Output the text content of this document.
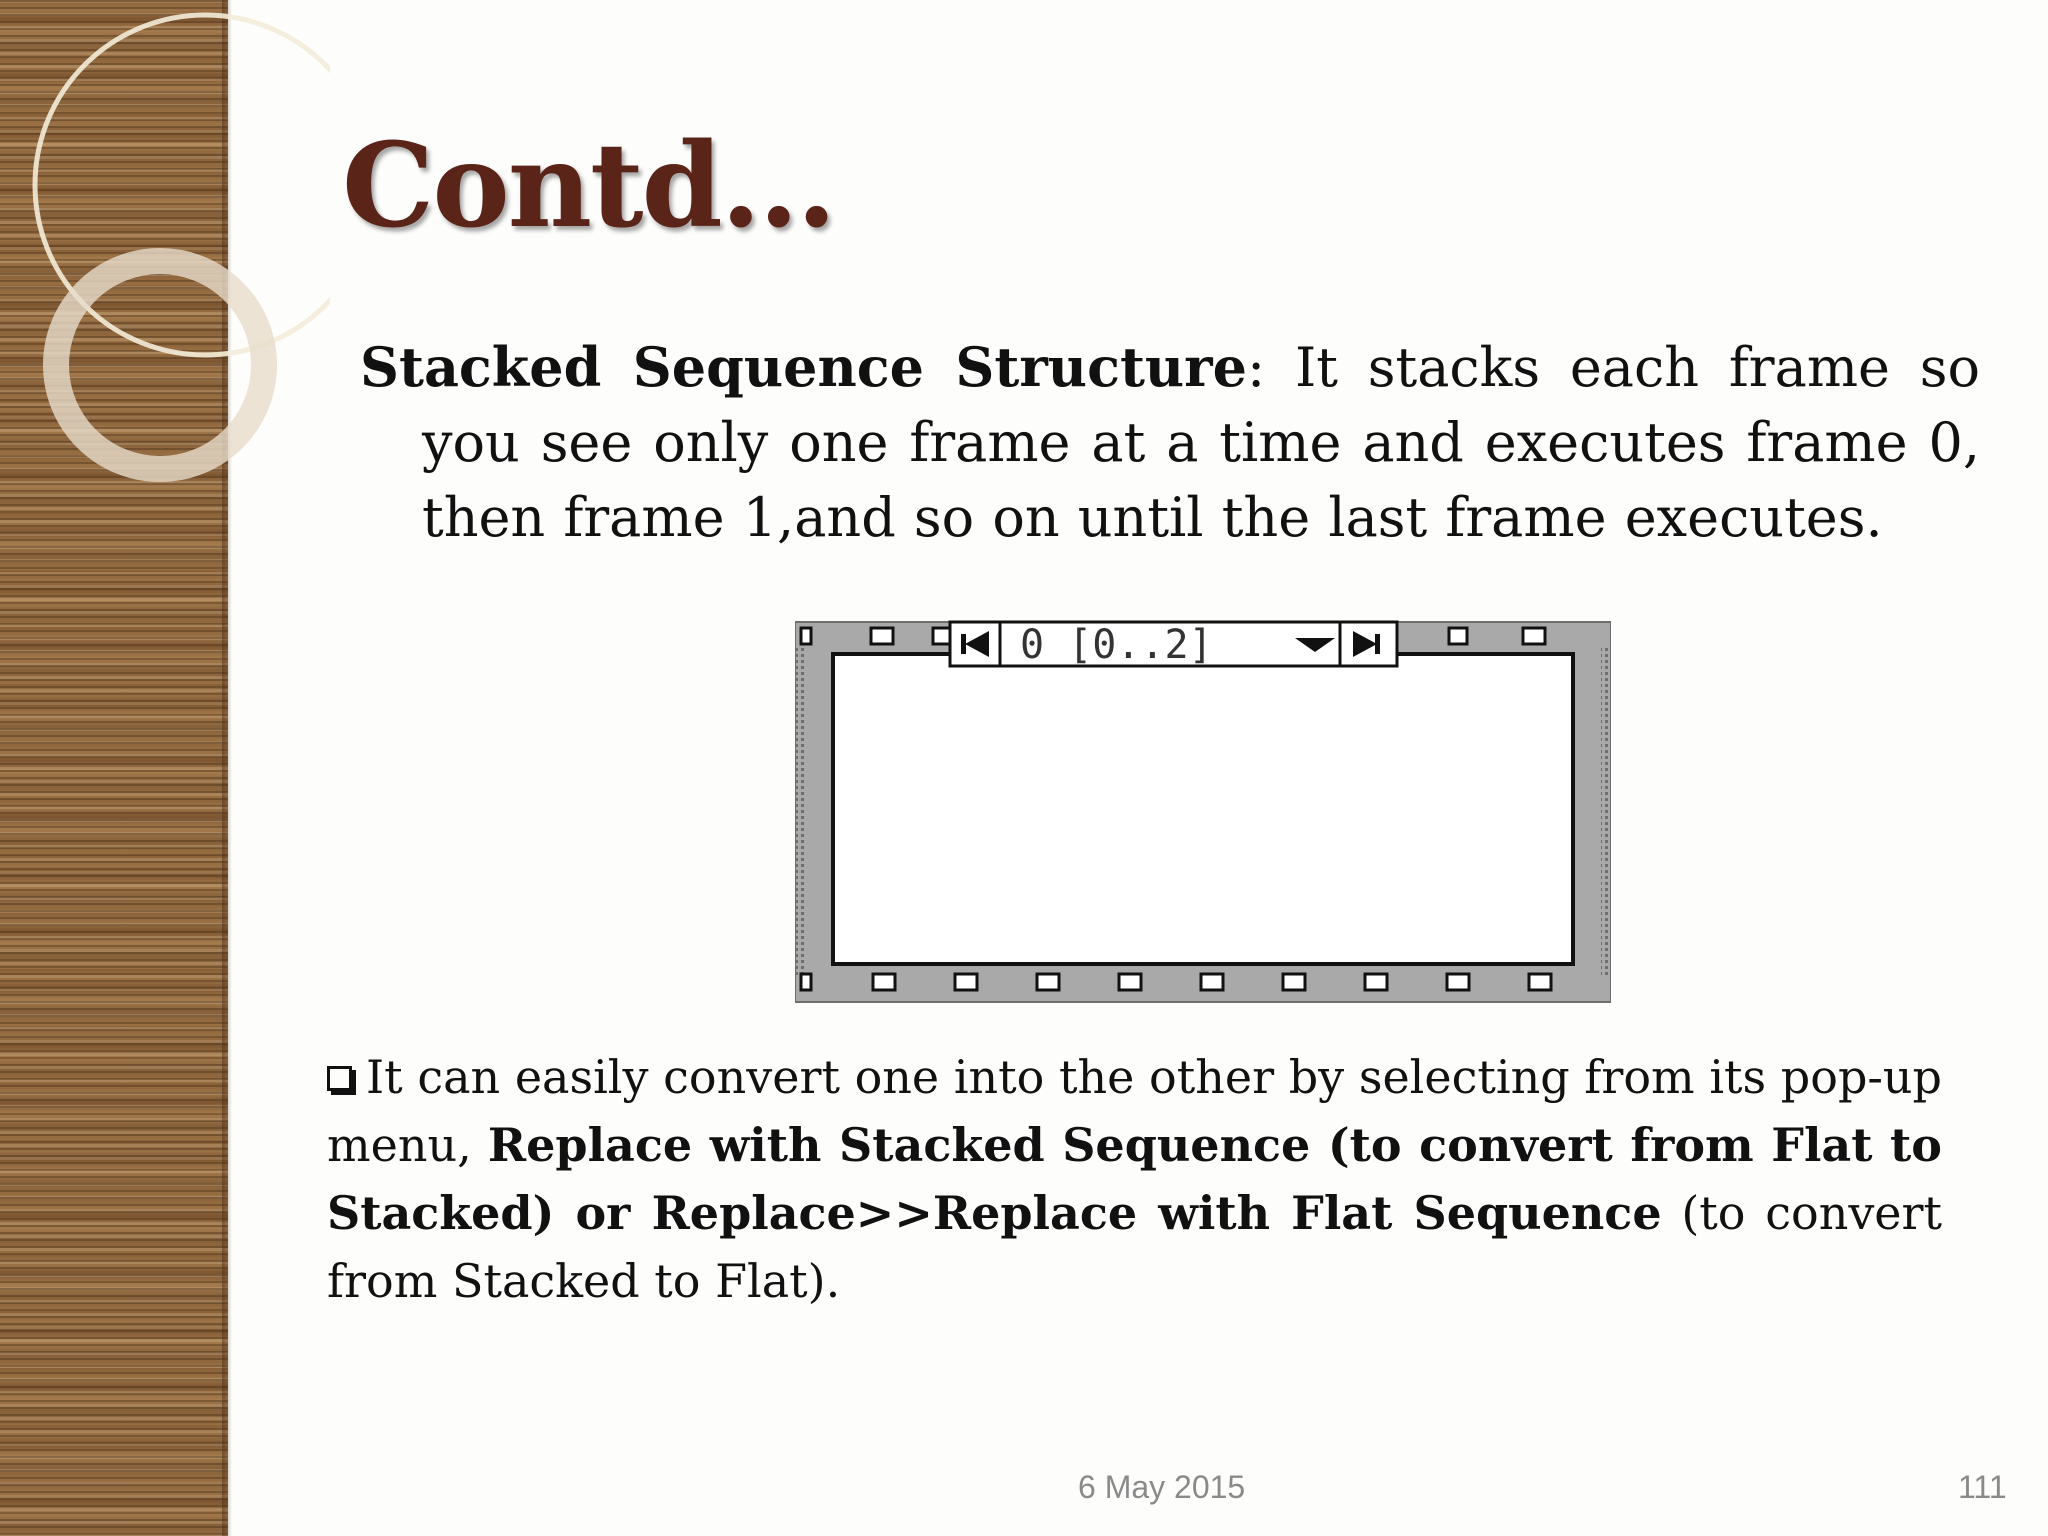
Contd…
Stacked Sequence Structure: It stacks each frame so you see only one frame at a time and executes frame 0, then frame 1,and so on until the last frame executes.
0 [0..2]
It can easily convert one into the other by selecting from its pop-up menu, Replace with Stacked Sequence (to convert from Flat to Stacked) or Replace>>Replace with Flat Sequence (to convert from Stacked to Flat).
6 May 2015	111
